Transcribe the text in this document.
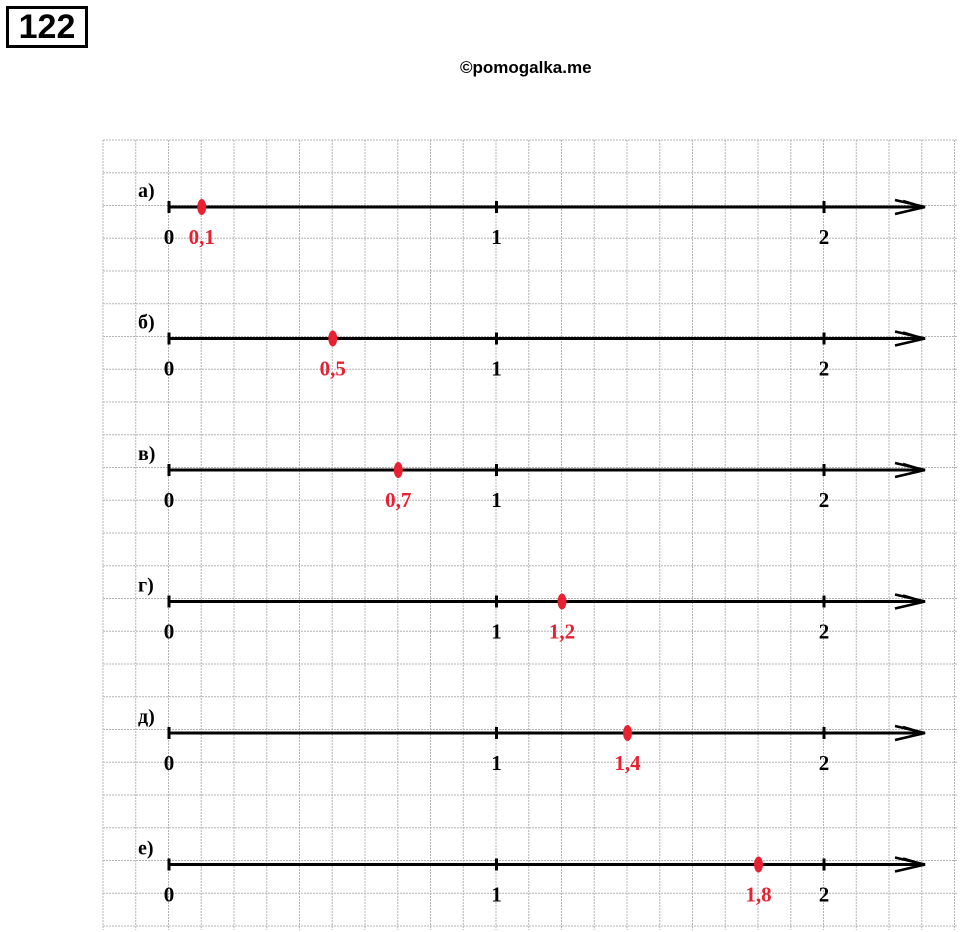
122
©pomogalka.me
а)
0	1	2
0,1
б)
0	1	2
0,5
в)
0	1	2
0,7
г)
0	1	2
1,2
д)
0	1	2
1,4
е)
0	1	2
1,8
